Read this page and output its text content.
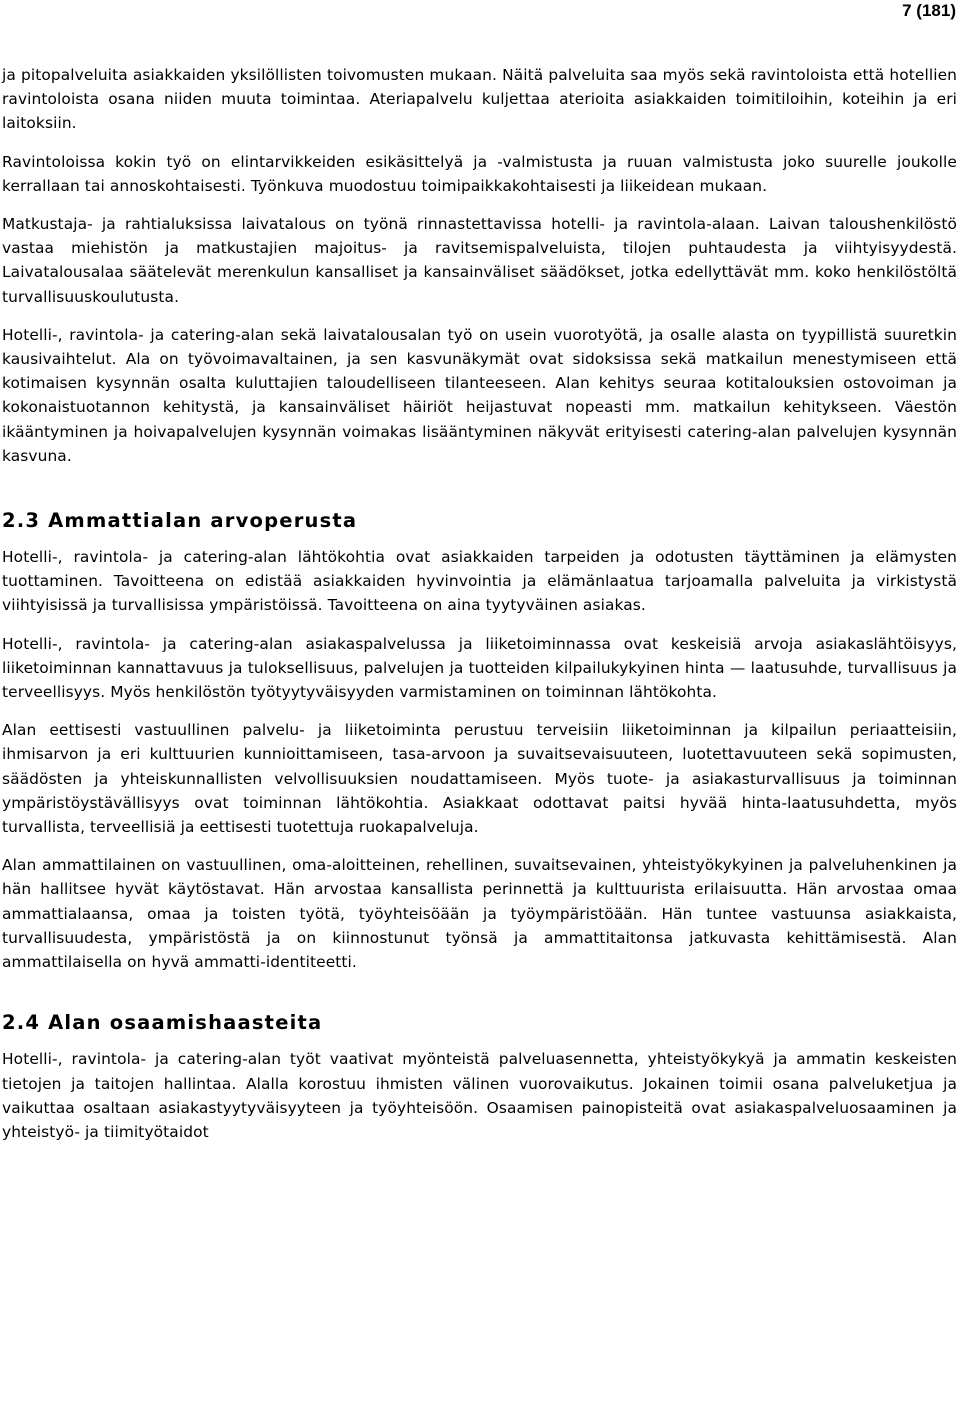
7 (181)

ja pitopalveluita asiakkaiden yksilöllisten toivomusten mukaan. Näitä palveluita saa myös sekä ravintoloista että hotellien ravintoloista osana niiden muuta toimintaa. Ateriapalvelu kuljettaa aterioita asiakkaiden toimitiloihin, koteihin ja eri laitoksiin.

Ravintoloissa kokin työ on elintarvikkeiden esikäsittelyä ja -valmistusta ja ruuan valmistusta joko suurelle joukolle kerrallaan tai annoskohtaisesti. Työnkuva muodostuu toimipaikkakohtaisesti ja liikeidean mukaan.

Matkustaja- ja rahtialuksissa laivatalous on työnä rinnastettavissa hotelli- ja ravintola-alaan. Laivan taloushenkilöstö vastaa miehistön ja matkustajien majoitus- ja ravitsemispalveluista, tilojen puhtaudesta ja viihtyisyydestä. Laivatalousalaa säätelevät merenkulun kansalliset ja kansainväliset säädökset, jotka edellyttävät mm. koko henkilöstöltä turvallisuuskoulutusta.

Hotelli-, ravintola- ja catering-alan sekä laivatalousalan työ on usein vuorotyötä, ja osalle alasta on tyypillistä suuretkin kausivaihtelut. Ala on työvoimavaltainen, ja sen kasvunäkymät ovat sidoksissa sekä matkailun menestymiseen että kotimaisen kysynnän osalta kuluttajien taloudelliseen tilanteeseen. Alan kehitys seuraa kotitalouksien ostovoiman ja kokonaistuotannon kehitystä, ja kansainväliset häiriöt heijastuvat nopeasti mm. matkailun kehitykseen. Väestön ikääntyminen ja hoivapalvelujen kysynnän voimakas lisääntyminen näkyvät erityisesti catering-alan palvelujen kysynnän kasvuna.

2.3 Ammattialan arvoperusta

Hotelli-, ravintola- ja catering-alan lähtökohtia ovat asiakkaiden tarpeiden ja odotusten täyttäminen ja elämysten tuottaminen. Tavoitteena on edistää asiakkaiden hyvinvointia ja elämänlaatua tarjoamalla palveluita ja virkistystä viihtyisissä ja turvallisissa ympäristöissä. Tavoitteena on aina tyytyväinen asiakas.

Hotelli-, ravintola- ja catering-alan asiakaspalvelussa ja liiketoiminnassa ovat keskeisiä arvoja asiakaslähtöisyys, liiketoiminnan kannattavuus ja tuloksellisuus, palvelujen ja tuotteiden kilpailukykyinen hinta — laatusuhde, turvallisuus ja terveellisyys. Myös henkilöstön työtyytyväisyyden varmistaminen on toiminnan lähtökohta.

Alan eettisesti vastuullinen palvelu- ja liiketoiminta perustuu terveisiin liiketoiminnan ja kilpailun periaatteisiin, ihmisarvon ja eri kulttuurien kunnioittamiseen, tasa-arvoon ja suvaitsevaisuuteen, luotettavuuteen sekä sopimusten, säädösten ja yhteiskunnallisten velvollisuuksien noudattamiseen. Myös tuote- ja asiakasturvallisuus ja toiminnan ympäristöystävällisyys ovat toiminnan lähtökohtia. Asiakkaat odottavat paitsi hyvää hinta-laatusuhdetta, myös turvallista, terveellisiä ja eettisesti tuotettuja ruokapalveluja.

Alan ammattilainen on vastuullinen, oma-aloitteinen, rehellinen, suvaitsevainen, yhteistyökykyinen ja palveluhenkinen ja hän hallitsee hyvät käytöstavat. Hän arvostaa kansallista perinnettä ja kulttuurista erilaisuutta. Hän arvostaa omaa ammattialaansa, omaa ja toisten työtä, työyhteisöään ja työympäristöään. Hän tuntee vastuunsa asiakkaista, turvallisuudesta, ympäristöstä ja on kiinnostunut työnsä ja ammattitaitonsa jatkuvasta kehittämisestä. Alan ammattilaisella on hyvä ammatti-identiteetti.

2.4 Alan osaamishaasteita

Hotelli-, ravintola- ja catering-alan työt vaativat myönteistä palveluasennetta, yhteistyökykyä ja ammatin keskeisten tietojen ja taitojen hallintaa. Alalla korostuu ihmisten välinen vuorovaikutus. Jokainen toimii osana palveluketjua ja vaikuttaa osaltaan asiakastyytyväisyyteen ja työyhteisöön. Osaamisen painopisteitä ovat asiakaspalveluosaaminen ja yhteistyö- ja tiimityötaidot
